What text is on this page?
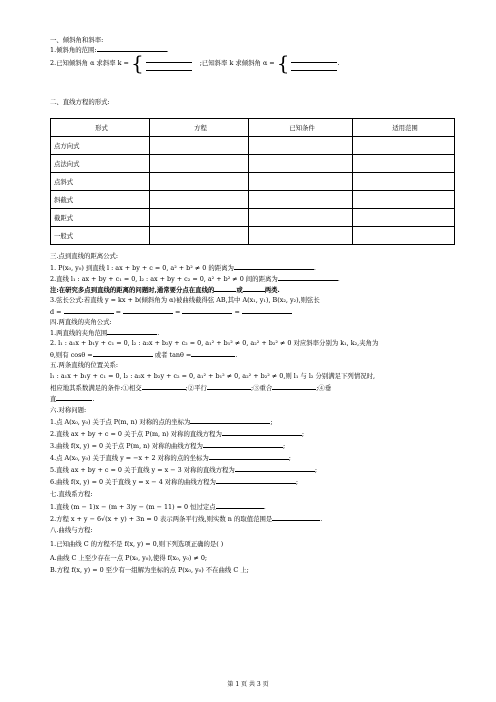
一、倾斜角和斜率:
1.倾斜角的范围:	.
2.已知倾斜角 α 求斜率 k = {	;已知斜率 k 求倾斜角 α = {	.
二、直线方程的形式:
形式	方程	已知条件	适用范围
点方向式			
点法向式			
点斜式			
斜截式			
截距式			
一般式			
三.点到直线的距离公式:
1. P(x₀, y₀) 到直线 l : ax + by + c = 0, a² + b² ≠ 0 的距离为	.
2.直线 l₁ : ax + by + c₁ = 0, l₂ : ax + by + c₂ = 0, a² + b² ≠ 0 间的距离为	.
注:在研究多点到直线的距离的问题时,通常要分点在直线的	或	两类.
3.弦长公式:若直线 y = kx + b(倾斜角为 α)被曲线截得弦 AB,其中 A(x₁, y₁), B(x₂, y₂),则弦长
d =	=	=	=
四.两直线的夹角公式:
1.两直线的夹角范围	.
2. l₁ : a₁x + b₁y + c₁ = 0, l₂ : a₂x + b₂y + c₂ = 0, a₁² + b₁² ≠ 0, a₂² + b₂² ≠ 0 对应斜率分别为 k₁, k₂,夹角为
θ,则有 cosθ =	或者 tanθ =	.
五.两条直线的位置关系:
l₁ : a₁x + b₁y + c₁ = 0, l₂ : a₂x + b₂y + c₂ = 0, a₁² + b₁² ≠ 0, a₂² + b₂² ≠ 0,则 l₁ 与 l₂ 分别满足下列情况时,
相应地其系数满足的条件:①相交	;②平行	;③重合	;④垂
直	.
六.对称问题:
1.点 A(x₀, y₀) 关于点 P(m, n) 对称的点的坐标为	;
2.直线 ax + by + c = 0 关于点 P(m, n) 对称的直线方程为	;
3.曲线 f(x, y) = 0 关于点 P(m, n) 对称的曲线方程为	;
4.点 A(x₀, y₀) 关于直线 y = −x + 2 对称的点的坐标为	;
5.直线 ax + by + c = 0 关于直线 y = x − 3 对称的直线方程为	;
6.曲线 f(x, y) = 0 关于直线 y = x − 4 对称的曲线方程为	;
七.直线系方程:
1.直线 (m − 1)x − (m + 3)y − (m − 11) = 0 恒过定点	.
2.方程 x + y − 6√(x + y) + 3n = 0 表示两条平行线,则实数 n 的取值范围是	.
八.曲线与方程:
1.已知曲线 C 的方程不是 f(x, y) = 0,则下列选项正确的是( )
A.曲线 C 上至少存在一点 P(x₀, y₀),使得 f(x₀, y₀) ≠ 0;
B.方程 f(x, y) = 0 至少有一组解为坐标的点 P(x₀, y₀) 不在曲线 C 上;
第 1 页 共 3 页
